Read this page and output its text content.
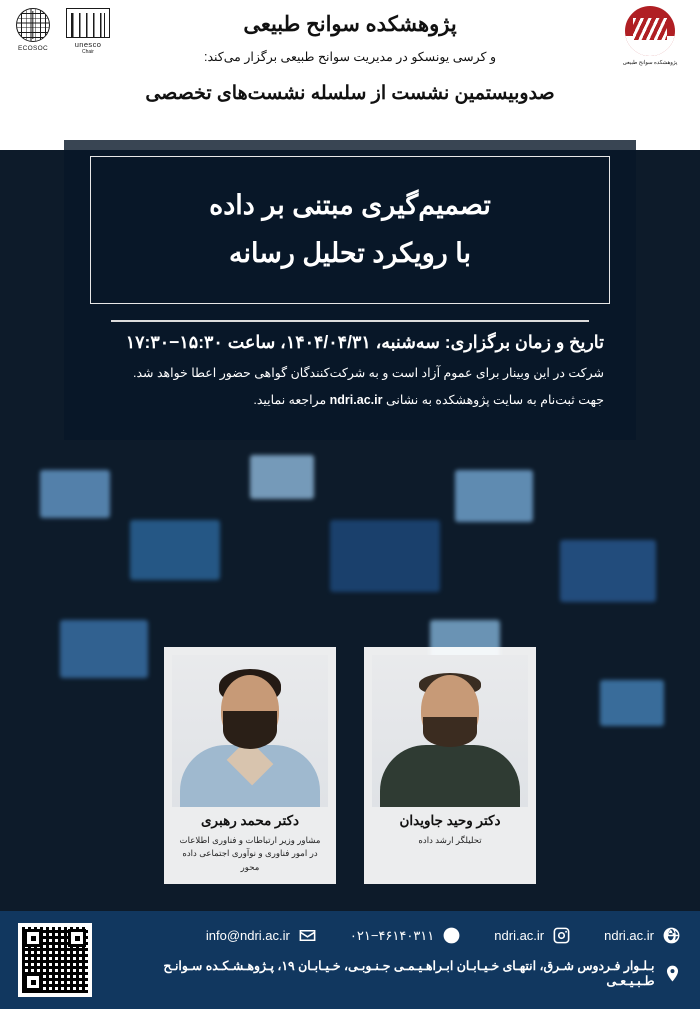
unesco
Chair
ECOSOC
پژوهشکده سوانح طبیعی
پژوهشکده سوانح طبیعی
و کرسی یونسکو در مدیریت سوانح طبیعی برگزار می‌کند:
صدوبیستمین نشست از سلسله نشست‌های تخصصی
تصمیم‌گیری مبتنی بر داده
با رویکرد تحلیل رسانه
تاریخ و زمان برگزاری: سه‌شنبه، ۱۴۰۴/۰۴/۳۱، ساعت ۱۵:۳۰−۱۷:۳۰
شرکت در این وبینار برای عموم آزاد است و به شرکت‌کنندگان گواهی حضور اعطا خواهد شد.
جهت ثبت‌نام به سایت پژوهشکده به نشانی ndri.ac.ir مراجعه نمایید.
دکتر وحید جاویدان
تحلیلگر ارشد داده
دکتر محمد رهبری
مشاور وزیر ارتباطات و فناوری اطلاعات در امور فناوری و نوآوری اجتماعی داده محور
ndri.ac.ir
ndri.ac.ir
۰۲۱−۴۶۱۴۰۳۱۱
info@ndri.ac.ir
بـلـوار فـردوس شـرق، انتهـای خـیـابـان ابـراهـیـمـی جـنـوبـی، خـیـابـان ۱۹، پـژوهـشـکـده سـوانـح طـبـیـعـی
